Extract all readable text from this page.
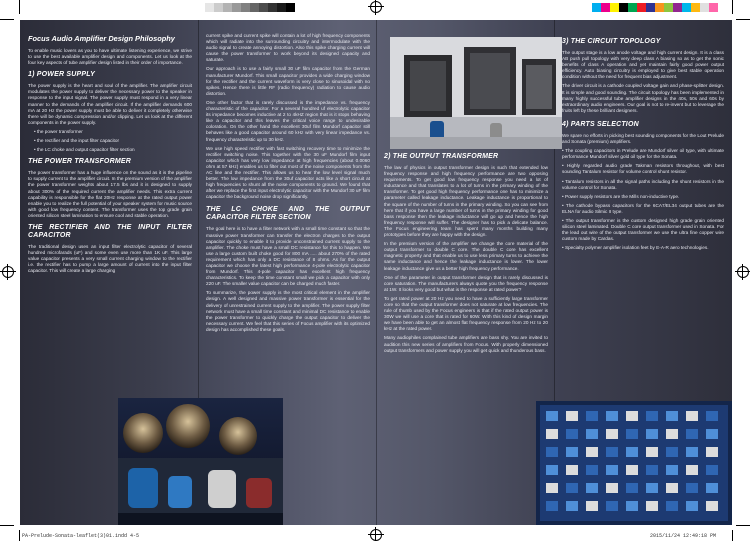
PA-Prelude-Sonata-leaflet(3)01.indd 4-5	2015/11/24 12:49:18 PM
Focus Audio Amplifier Design Philosophy

To enable music lovers as you to have ultimate listening experience, we strive to use the best available amplifier design and components. Let us look at the four key aspects of tube amplifier design listed in their order of importance.

1) POWER SUPPLY

The power supply is the heart and soul of the amplifier. The amplifier circuit modulates the power supply to deliver the necessary power to the speaker in response to the input signal. The power supply must respond in a very linear manner to the demands of the amplifier circuit. If the amplifier demands 600 mA at 20 Hz the power supply must be able to deliver it completely otherwise there will be dynamic compression and/or clipping. Let us look at the different components in the power supply.

• the power transformer
• the rectifier and the input filter capacitor
• the LC choke and output capacitor filter section
THE POWER TRANSFORMER

The power transformer has a huge influence on the sound as it is the pipeline to supply current to the amplifier circuit. In the premium version of the amplifier the power transformer weights about 17.5 lbs and it is designed to supply about 300% of the required current the amplifier needs. This extra current capability is responsible for the flat 20Hz response at the rated output power enable you to realize the full potential of your speaker system for music source with good low frequency content. The transformer uses the top grade grain oriented silicon steel lamination to ensure cool and stable operation.

THE RECTIFIER AND THE INPUT FILTER CAPACITOR

The traditional design uses an input filter electrolytic capacitor of several hundred microfarads (uF) and some even use more than 1K uF. This large value capacitor presents a very small current charging window to the rectifier i.e. the rectifier has to pump a large amount of current into the input filter capacitor. This will create a large charging

current spike and current spike will contain a lot of high frequency components which will radiate into the surrounding circuitry and intermodulate with the audio signal to create annoying distortion. Also this spike charging current will cause the power transformer to work beyond its designed capacity and saturate.

Our approach is to use a fairly small 30 uF film capacitor from the German manufacturer Mundorf. This small capacitor provides a wide charging window for the rectifier and the current waveform is very close to sinusoidal with no spikes. Hence there is little RF (radio frequency) radiation to cause audio distortion.

One other factor that is rarely discussed is the impedance vs. frequency characteristic of the capacitor. For a several hundred uf electrolytic capacitor its impedance becomes inductive at 2 to 4kHZ region that is it stops behaving like a capacitor and this leaves the critical voice range to undesirable coloration. On the other hand the excellent 30uf film Mundorf capacitor still behaves like a good capacitor around 60 kHz with very linear impedance vs. frequency characteristic up to 30 kHz.

We use high speed rectifier with fast switching recovery time to minimize the rectifier switching noise. This together with the 30 uF Mundorf film input capacitor which has very low impedance at high frequencies (about 0.0060 ohm at 57 kHz) enables us to filter out most of the noise components from the AC line and the rectifier. This allows us to hear the low level signal much better. The low impedance from the 30uf capacitor acts like a short circuit at high frequencies to shunt all the noise components to ground. We found that after we replace the first input electrolytic capacitor with the Mundorf 30 uF film capacitor the background noise drop significantly.

THE LC CHOKE AND THE OUTPUT CAPACITOR FILTER SECTION

The goal here is to have a filter network with a small time constant so that the massive power transformer can transfer the electron charges to the output capacitor quickly to enable it to provide unconstrained current supply to the amplifier. The choke must have a small DC resistance for this to happen. We use a large custom built choke good for 800 mA ..... about 270% of the rated requirement which has only a DC resistance of 8 ohms. As for the output capacitor we choose the latest high performance 4-pole electrolytic capacitor from Mundorf. This 4-pole capacitor has excellent high frequency characteristics. To keep the time constant small we pick a capacitor with only 220 uF. The smaller value capacitor can be charged much faster.

To summarize, the power supply is the most critical element in the amplifier design. A well designed and massive power transformer is essential for the delivery of unrestrained current supply to the amplifier. The power supply filter network must have a small time constant and minimal DC resistance to enable the power transformer to quickly charge the output capacitor to deliver the necessary current. We feel that this series of Focus amplifier with its optimized design has accomplished these goals.

2) THE OUTPUT TRANSFORMER

The law of physics in output transformer design is such that extended low frequency response and high frequency performance are two opposing requirements. To get good low frequency response you need a lot of inductance and that translates to a lot of turns in the primary winding of the transformer. To get good high frequency performance one has to minimize a parameter called leakage inductance. Leakage inductance is proportional to the square of the number of turns in the primary winding. So you can see from here that if you have a large number of turns in the primary winding for good bass response then the leakage inductance will go up and hence the high frequency response will suffer. The designer has to pick a delicate balance. The Focus engineering team has spent many months building many prototypes before they are happy with the design.

In the premium version of the amplifier we change the core material of the output transformer to double C core. The double C core has excellent magnetic property and that enable us to use less primary turns to achieve the same inductance and hence the leakage inductance is lower. The lower leakage inductance give us a better high frequency performance.

One of the parameter in output transformer design that is rarely discussed is core saturation. The manufacturers always quote you the frequency response at 1W. It looks very good but what is the response at rated power?

To get rated power at 20 Hz you need to have a sufficiently large transformer core so that the output transformer does not saturate at low frequencies. The rule of thumb used by the Focus engineers is that if the rated output power is 30W we will use a core that is rated for 60W. With this kind of design margin we have been able to get an almost flat frequency response from 20 Hz to 20 kHz at the rated power.

Many audiophiles complained tube amplifiers are bass shy. You are invited to audition this new series of amplifiers from Focus. With properly dimensioned output transformers and power supply you will get quick and thunderous bass.

3) THE CIRCUIT TOPOLOGY

The output stage is a low anode voltage and high current design. It is a class AB push pull topology with very deep class A biasing so as to get the sonic benefits of class A operation and yet maintain fairly good power output efficiency. Auto biasing circuitry is employed to give best stable operation condition without the need for frequent bias adjustment.

The driver circuit is a cathode coupled voltage gain and phase-splitter design. It is simple and good sounding. The circuit topology has been implemented in many highly successful tube amplifier designs in the 40s, 50s and 60s by extraordinary audio engineers. Our goal is not to re-invent but to leverage the fruits left by these brilliant designers.

4) PARTS SELECTION

We spare no efforts in picking best sounding components for the Lout Prelude and Sonata (premium) amplifiers.

• The coupling capacitors in Prelude are Mundorf silver oil type, with ultimate performance Mundorf silver gold oil type for the Sonata.

• Highly regarded audio grade Takman resistors throughout, with best sounding Tantalum resistor for volume control shunt resistor.

• Tantalum resistors in all the signal paths including the shunt resistors in the volume control for Sonata.

• Power supply resistors are the Mills non-inductive type.

• The cathode bypass capacitors for the 6CA7/EL34 output tubes are the ELNA for audio Silmic II type.

• The output transformer is the custom designed high grade grain oriented silicon steel laminated. Double C core output transformer used in Sonata. For the lead out wire of the output transformer we use the ultra fine copper wire custom made by Cardas.

• Specialty polymer amplifier isolation feet by E-A-R aero technologies.
